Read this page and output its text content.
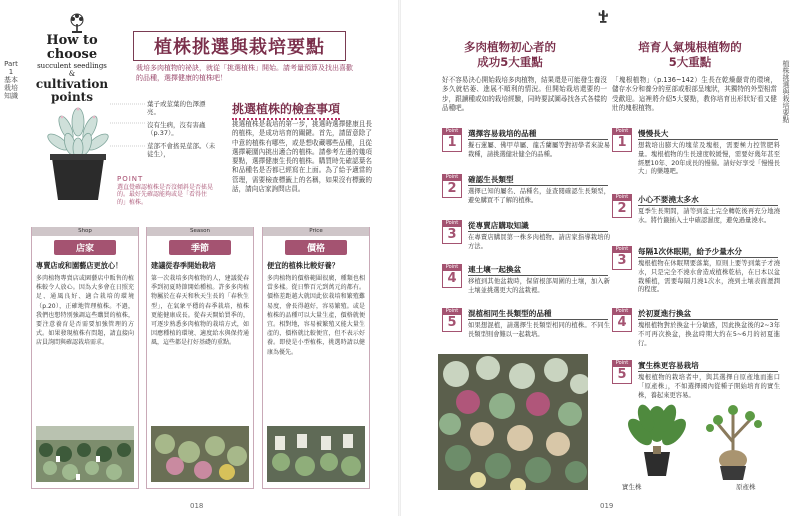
Part
1
基本栽培知識
How to choose
succulent seedlings
&
cultivation
points
植株挑選與栽培要點
栽培多肉植物的祕訣，就從「挑選植株」開始。請考量預算及找出喜歡的品種，選擇健康的植株吧！
葉子或莖葉的色澤漂亮。
沒有生病，沒有害蟲（p.37）。
莖部不會搖晃莖部。（未徒生），
POINT
選直覺確認植株是否沒傾斜是否搖晃的。最好先確認能夠或是「看得住的」植株。
挑選植株的檢查事項
挑選植株是栽培的第一步，挑選時選擇健康且長的植株，是成功培育的關鍵。首先，請留意除了中意的植株有哪些，或是想收藏哪些品種，且從選擇範圍內挑出適合的植株。請參考左邊的幾項要點，選擇健康生長的植株。購買時先確認葉名和品種名是否都已經寫在上面。為了給予適當的管理，需要檢查標籤上的名稱，如果沒有標籤的話，請向店家詢問店員。
Shop
店家
專賣店或和園藝店更放心！
多肉植物專賣店或園藝店中販售的植株較令人放心。因為大多會在日照充足、通風良好、適合栽培的環境（p.20），正確地管理植株。不過，我們也想特別強調這些購買的植株，要注意養育是否需要加強管理的方式。如果發現植株有問題，請直接向店員詢問與確認栽培需求。
Season
季節
建議從春季開始栽培
第一次栽培多肉植物的人，建議從春季到初夏時節開始種植。許多多肉植物屬於在春天和秋天生長的「春秋生型」，在氣象平穩的春季栽培，植株更能健康成長。從春天開始買季的，可逐步熟悉多肉植物的栽培方式，如因應種植的環境、適度給水與保持通風，這些都是打好基礎的重點。
Price
價格
便宜的植株比較好養？
多肉植物的價格範圍很廣，種類也相當多樣。從日幣百元到萬元的都有。價格差距越大就因此依栽培和繁殖難易度，會長得越好，容易繁殖。或是植株的品種可以大量生產，價格就便宜。相對地，容易被繁殖又能大量生產的，價格就比較便宜，但不表示好養。即使是小型植株，挑選時請以健康為優先。
018
植株挑選與栽培要點
多肉植物初心者的
成功5大重點
好不容易決心開始栽培多肉植物，結果還是可能發生養沒多久就枯萎、進展不順利的情況。但開始栽培還要的一步，跟讀種或如的栽培經驗，同時要試圖尋找各式各樣的品種吧。
Point
1
選擇容易栽培的品種
擬石蓮屬、佛甲草屬、龍舌蘭屬等對初學者來說易栽種，請挑選健壯健全的品種。
Point
2
確認生長類型
選擇已知的屬名、品種名，並查閱確認生長類型，避免購買不了解的植株。
Point
3
從專賣店購取知識
在專賣店購買第一株多肉植物。請店家指導栽培的方法。
Point
4
連土壤一起換盆
移植到其他盆栽時，保留根部周圍的土壤，加入新土壤並挑選更大的盆栽裡。
Point
5
混植相同生長類型的品種
如果想混植，請選擇生長類型相同的植株。不同生長類型則會難以一起栽培。
培育人氣塊根植物的
5大重點
「塊根植物」（p.136~142）生長在乾燥嚴苛的環境，儲存水分和養分的莖部或根部呈塊狀，其獨特的外型相當受歡迎。這裡將介紹5大要點，教你培育出形狀好看又健壯的塊根植物。
Point
1
慢慢長大
想栽培出膨大的塊莖及塊根，需要極力控管肥料量。塊根植物的生長速度較緩慢，需要好幾年甚至經歷10年、20年成長的慢鬚。請好好享受「慢慢長大」的樂趣吧。
Point
2
小心不要澆太多水
夏季生長期間，請等到盆土完全轉乾後再充分地澆水。將竹籤插入土中確認濕度，避免過量澆水。
Point
3
每隔1次休眠期，給予少量水分
塊根植物在休眠期要落葉，原則上要等到葉子才澆水，只是完全不澆水會造成植株乾枯，在日本以盆栽種植，需要每隔月澆1次水，澆到土壤表面溼潤的程度。
Point
4
於初夏進行換盆
塊根植物對於換盆十分敏感，因此換盆後的2~3年不可再次換盆，換盆時期大約在5~6月的初夏進行。
Point
5
實生株更容易栽培
塊根植物的栽培者中，與其選擇自原產地而進口「原產株」，不如選擇國內從種子開始培育的實生株，養起來更容易。
實生株	原產株
019
